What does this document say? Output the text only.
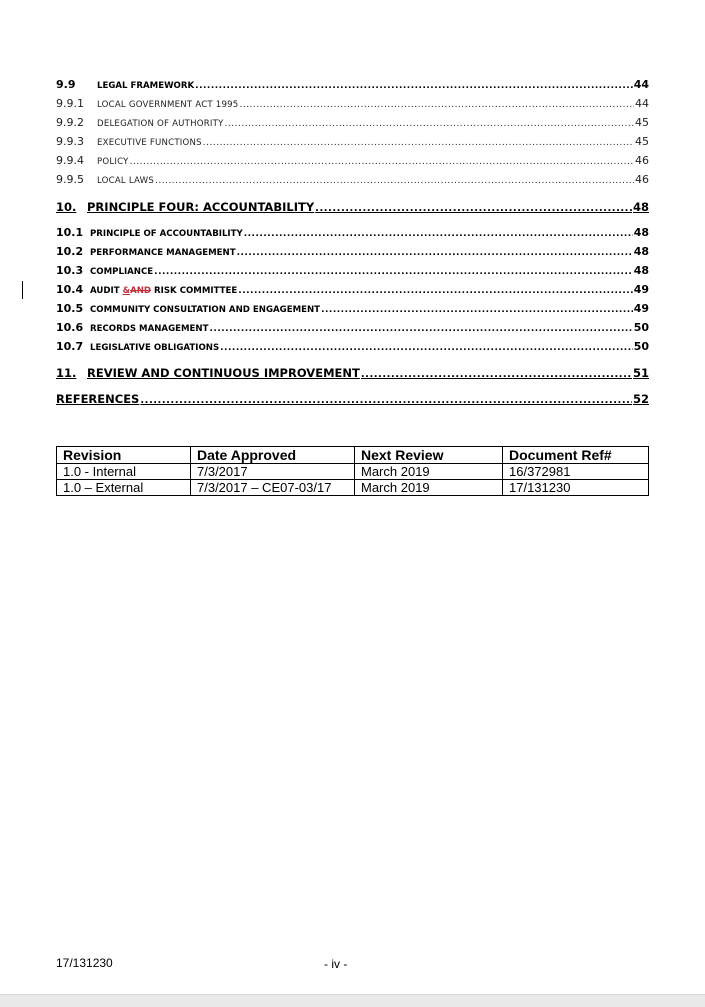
9.9	LEGAL FRAMEWORK .....	44
9.9.1	LOCAL GOVERNMENT ACT 1995 .....	44
9.9.2	DELEGATION OF AUTHORITY .....	45
9.9.3	EXECUTIVE FUNCTIONS .....	45
9.9.4	POLICY .....	46
9.9.5	LOCAL LAWS .....	46
10. PRINCIPLE FOUR: ACCOUNTABILITY .....	48
10.1 PRINCIPLE OF ACCOUNTABILITY .....	48
10.2 PERFORMANCE MANAGEMENT .....	48
10.3 COMPLIANCE .....	48
10.4 AUDIT &AND RISK COMMITTEE .....	49
10.5 COMMUNITY CONSULTATION AND ENGAGEMENT .....	49
10.6 RECORDS MANAGEMENT .....	50
10.7 LEGISLATIVE OBLIGATIONS .....	50
11. REVIEW AND CONTINUOUS IMPROVEMENT .....	51
REFERENCES .....	52
Revision	Date Approved	Next Review	Document Ref#
1.0 - Internal	7/3/2017	March 2019	16/372981
1.0 – External	7/3/2017 – CE07-03/17	March 2019	17/131230
17/131230	- iv -
